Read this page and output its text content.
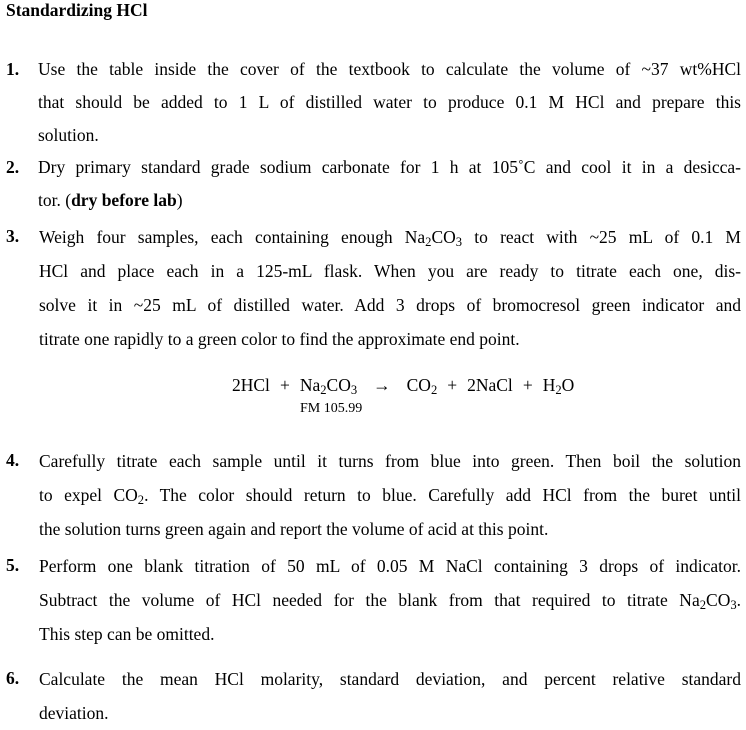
Standardizing HCl
1. Use the table inside the cover of the textbook to calculate the volume of ~37 wt%HCl
that should be added to 1 L of distilled water to produce 0.1 M HCl and prepare this
solution.
2. Dry primary standard grade sodium carbonate for 1 h at 105˚C and cool it in a desicca-
tor. (dry before lab)
3. Weigh four samples, each containing enough $Na_2CO_3$ to react with ~25 mL of 0.1 M
HCl and place each in a 125-mL flask. When you are ready to titrate each one, dis-
solve it in ~25 mL of distilled water. Add 3 drops of bromocresol green indicator and
titrate one rapidly to a green color to find the approximate end point.
$2HCl + Na_2CO_3 \to CO_2$ + 2NaCl + $H_2O$
FM 105.99
4. Carefully titrate each sample until it turns from blue into green. Then boil the solution
to expel $CO_2$. The color should return to blue. Carefully add HCl from the buret until
the solution turns green again and report the volume of acid at this point.
5. Perform one blank titration of 50 mL of 0.05 M NaCl containing 3 drops of indicator.
Subtract the volume of HCl needed for the blank from that required to titrate $Na_2CO_3$.
This step can be omitted.
6. Calculate the mean HCl molarity, standard deviation, and percent relative standard
deviation.
